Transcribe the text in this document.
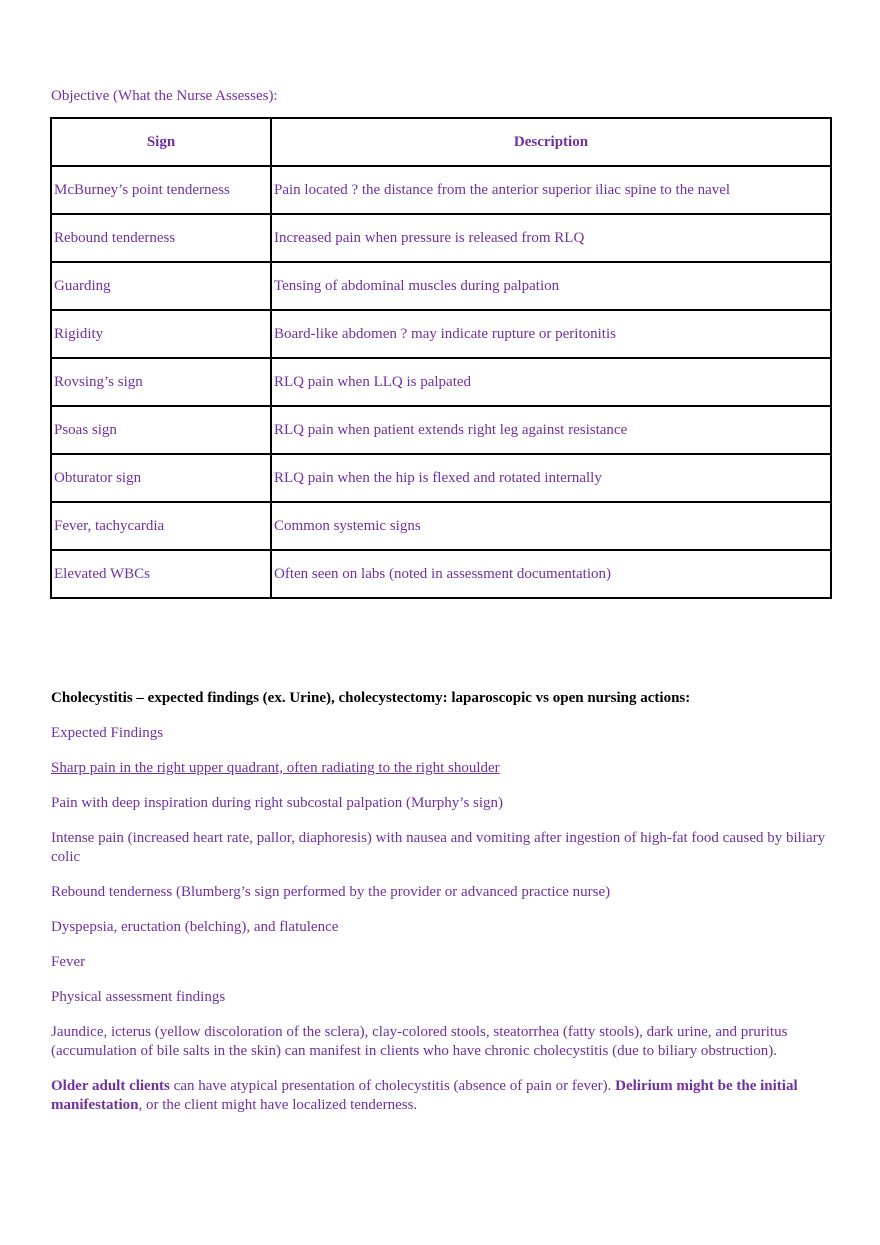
Objective (What the Nurse Assesses):

Sign	Description
McBurney’s point tenderness	Pain located ? the distance from the anterior superior iliac spine to the navel
Rebound tenderness	Increased pain when pressure is released from RLQ
Guarding	Tensing of abdominal muscles during palpation
Rigidity	Board-like abdomen ? may indicate rupture or peritonitis
Rovsing’s sign	RLQ pain when LLQ is palpated
Psoas sign	RLQ pain when patient extends right leg against resistance
Obturator sign	RLQ pain when the hip is flexed and rotated internally
Fever, tachycardia	Common systemic signs
Elevated WBCs	Often seen on labs (noted in assessment documentation)

Cholecystitis – expected findings (ex. Urine), cholecystectomy: laparoscopic vs open nursing actions:

Expected Findings

Sharp pain in the right upper quadrant, often radiating to the right shoulder

Pain with deep inspiration during right subcostal palpation (Murphy’s sign)

Intense pain (increased heart rate, pallor, diaphoresis) with nausea and vomiting after ingestion of high-fat food caused by biliary colic

Rebound tenderness (Blumberg’s sign performed by the provider or advanced practice nurse)

Dyspepsia, eructation (belching), and flatulence

Fever

Physical assessment findings

Jaundice, icterus (yellow discoloration of the sclera), clay-colored stools, steatorrhea (fatty stools), dark urine, and pruritus (accumulation of bile salts in the skin) can manifest in clients who have chronic cholecystitis (due to biliary obstruction).

Older adult clients can have atypical presentation of cholecystitis (absence of pain or fever). Delirium might be the initial manifestation, or the client might have localized tenderness.
